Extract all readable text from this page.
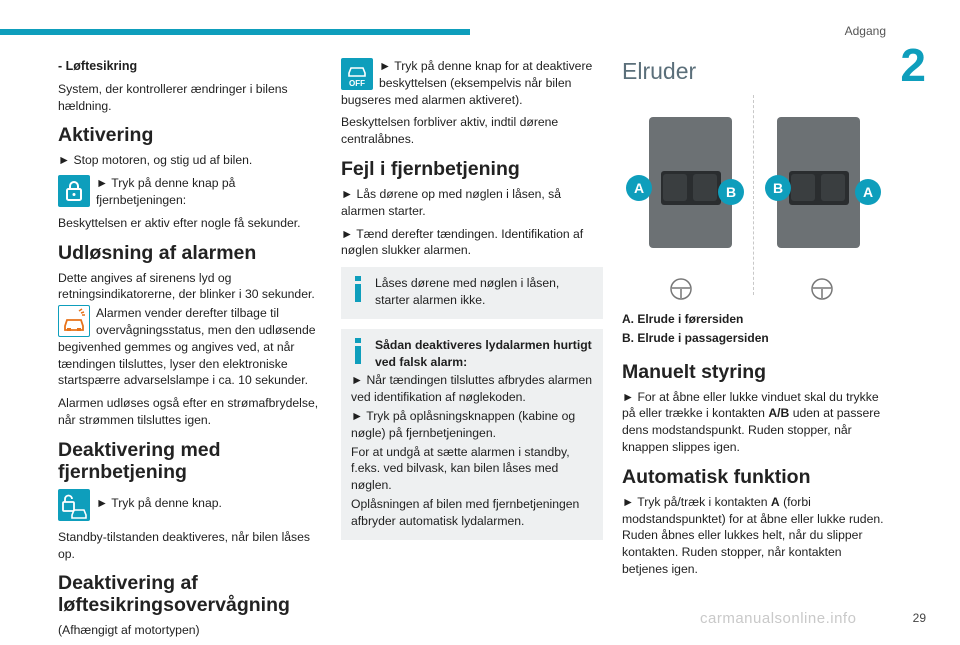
Adgang
2

- Løftesikring

System, der kontrollerer ændringer i bilens hældning.

Aktivering

► Stop motoren, og stig ud af bilen.

► Tryk på denne knap på fjernbetjeningen:

Beskyttelsen er aktiv efter nogle få sekunder.

Udløsning af alarmen

Dette angives af sirenens lyd og retningsindikatorerne, der blinker i 30 sekunder.

Alarmen vender derefter tilbage til overvågningsstatus, men den udløsende begivenhed gemmes og angives ved, at når tændingen tilsluttes, lyser den elektroniske startspærre advarselslampe i ca. 10 sekunder.

Alarmen udløses også efter en strømafbrydelse, når strømmen tilsluttes igen.

Deaktivering med fjernbetjening

► Tryk på denne knap.

Standby-tilstanden deaktiveres, når bilen låses op.

Deaktivering af løftesikringsovervågning

(Afhængigt af motortypen)

OFF

► Tryk på denne knap for at deaktivere beskyttelsen (eksempelvis når bilen bugseres med alarmen aktiveret).

Beskyttelsen forbliver aktiv, indtil dørene centralåbnes.

Fejl i fjernbetjening

► Lås dørene op med nøglen i låsen, så alarmen starter.

► Tænd derefter tændingen. Identifikation af nøglen slukker alarmen.

Låses dørene med nøglen i låsen, starter alarmen ikke.

Sådan deaktiveres lydalarmen hurtigt ved falsk alarm:

► Når tændingen tilsluttes afbrydes alarmen ved identifikation af nøglekoden.

► Tryk på oplåsningsknappen (kabine og nøgle) på fjernbetjeningen.

For at undgå at sætte alarmen i standby, f.eks. ved bilvask, kan bilen låses med nøglen.

Oplåsningen af bilen med fjernbetjeningen afbryder automatisk lydalarmen.

Elruder
A	B	B	A

A. Elrude i førersiden

B. Elrude i passagersiden

Manuelt styring

► For at åbne eller lukke vinduet skal du trykke på eller trække i kontakten A/B uden at passere dens modstandspunkt. Ruden stopper, når knappen slippes igen.

Automatisk funktion

► Tryk på/træk i kontakten A (forbi modstandspunktet) for at åbne eller lukke ruden. Ruden åbnes eller lukkes helt, når du slipper kontakten. Ruden stopper, når kontakten betjenes igen.

carmanualsonline.info	29
